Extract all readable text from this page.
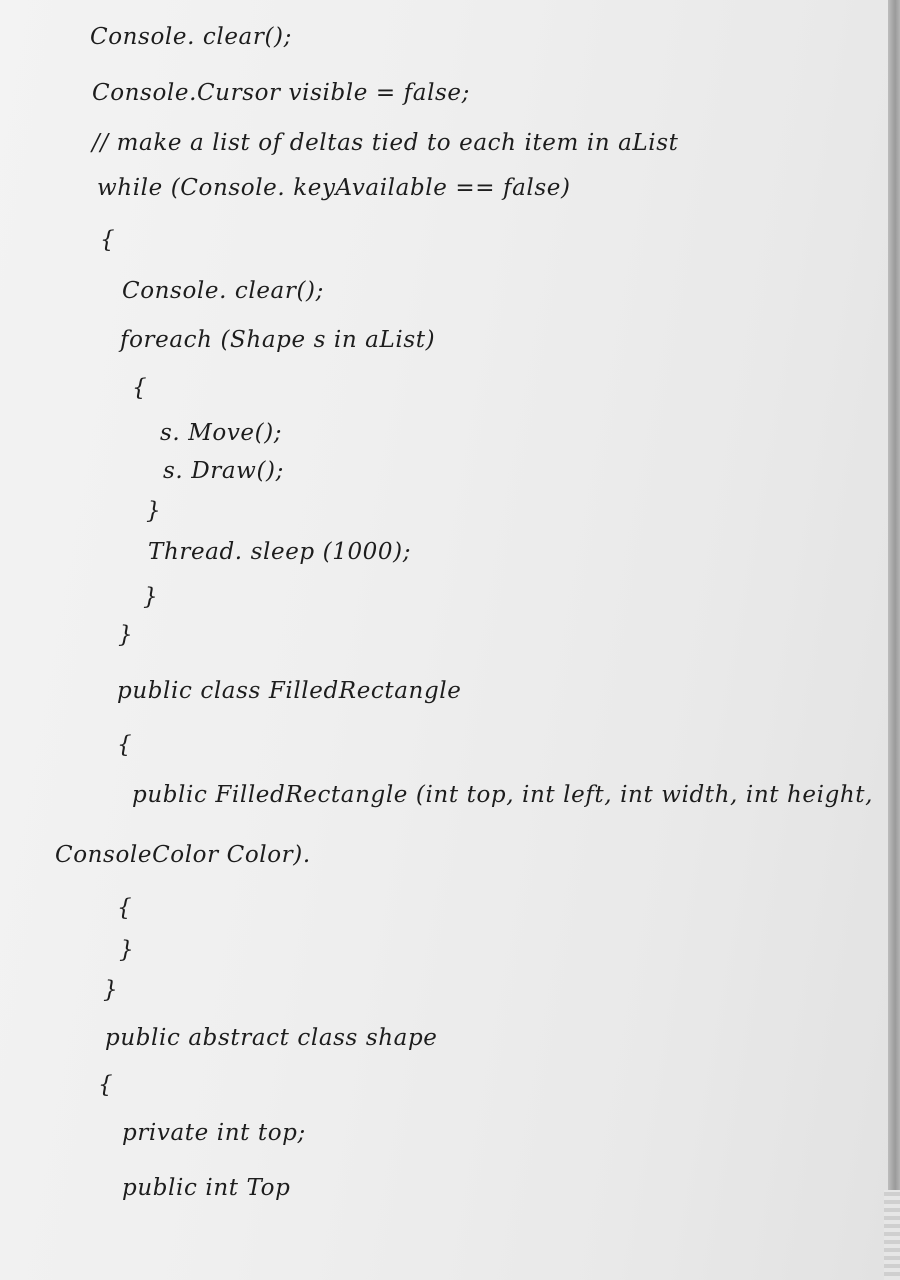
Console. clear();

Console.Cursor visible = false;

// make a list of deltas tied to each item in aList

while (Console. keyAvailable == false)

{

Console. clear();

foreach (Shape s in aList)

{

s. Move();

s. Draw();

}

Thread. sleep (1000);

}

}

public class FilledRectangle

{

public FilledRectangle (int top, int left, int width, int height,

ConsoleColor Color).

{

}

}

public abstract class shape

{

private int top;

public int Top
